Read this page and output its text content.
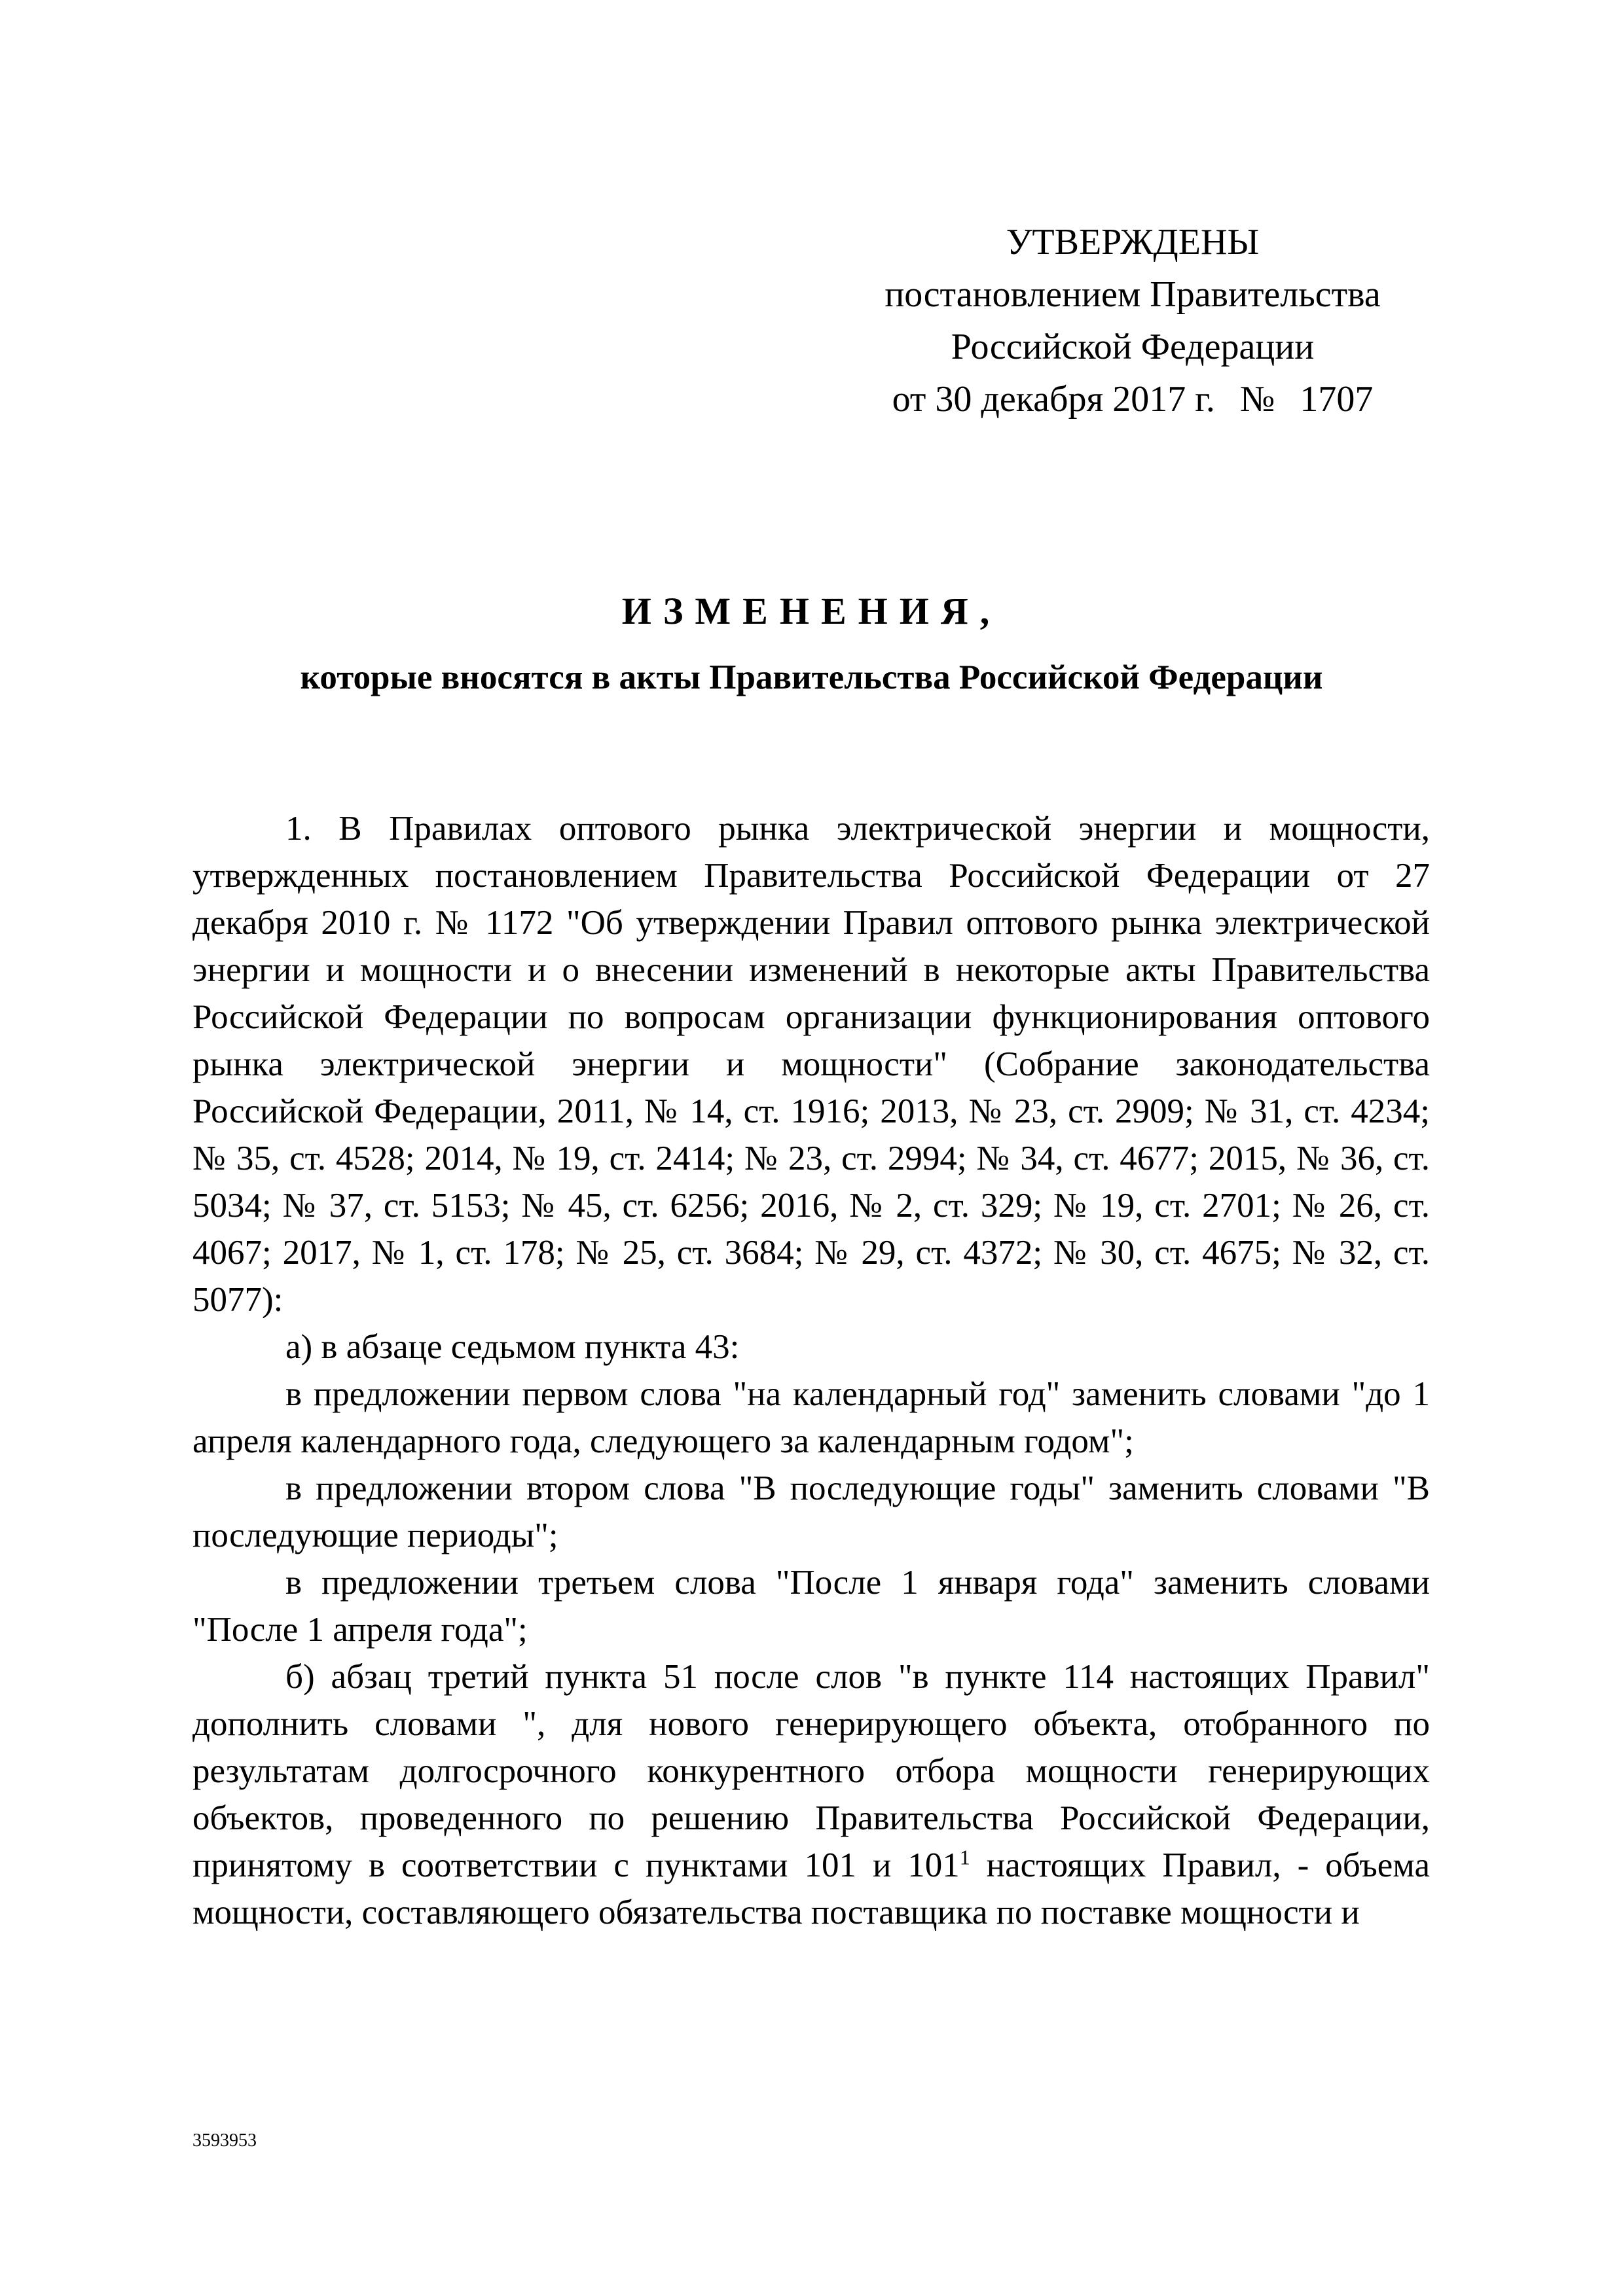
УТВЕРЖДЕНЫ
постановлением Правительства
Российской Федерации
от 30 декабря 2017 г. № 1707
ИЗМЕНЕНИЯ,
которые вносятся в акты Правительства Российской Федерации

1. В Правилах оптового рынка электрической энергии и мощности, утвержденных постановлением Правительства Российской Федерации от 27 декабря 2010 г. № 1172 "Об утверждении Правил оптового рынка электрической энергии и мощности и о внесении изменений в некоторые акты Правительства Российской Федерации по вопросам организации функционирования оптового рынка электрической энергии и мощности" (Собрание законодательства Российской Федерации, 2011, № 14, ст. 1916; 2013, № 23, ст. 2909; № 31, ст. 4234; № 35, ст. 4528; 2014, № 19, ст. 2414; № 23, ст. 2994; № 34, ст. 4677; 2015, № 36, ст. 5034; № 37, ст. 5153; № 45, ст. 6256; 2016, № 2, ст. 329; № 19, ст. 2701; № 26, ст. 4067; 2017, № 1, ст. 178; № 25, ст. 3684; № 29, ст. 4372; № 30, ст. 4675; № 32, ст. 5077):

а) в абзаце седьмом пункта 43:

в предложении первом слова "на календарный год" заменить словами "до 1 апреля календарного года, следующего за календарным годом";

в предложении втором слова "В последующие годы" заменить словами "В последующие периоды";

в предложении третьем слова "После 1 января года" заменить словами "После 1 апреля года";

б) абзац третий пункта 51 после слов "в пункте 114 настоящих Правил" дополнить словами ", для нового генерирующего объекта, отобранного по результатам долгосрочного конкурентного отбора мощности генерирующих объектов, проведенного по решению Правительства Российской Федерации, принятому в соответствии с пунктами 101 и $101^1$ настоящих Правил, - объема мощности, составляющего обязательства поставщика по поставке мощности и

3593953
